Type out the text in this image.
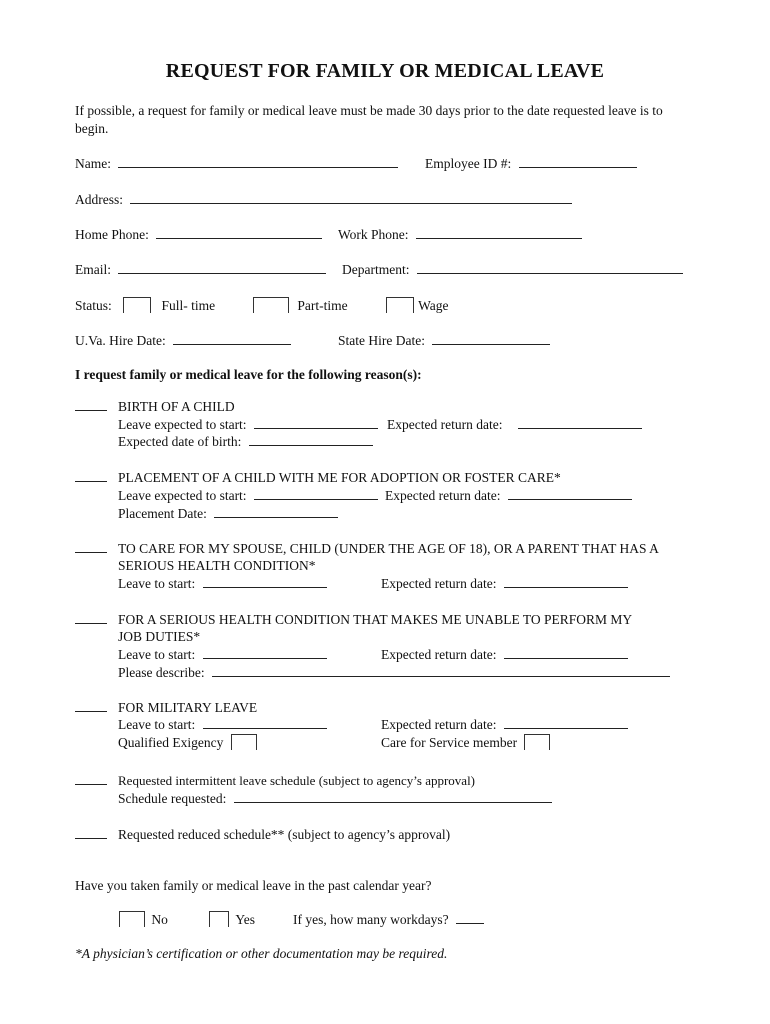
REQUEST FOR FAMILY OR MEDICAL LEAVE
If possible, a request for family or medical leave must be made 30 days prior to the date requested leave is to begin.
Name:	Employee ID #:
Address:
Home Phone:	Work Phone:
Email:	Department:
Status:	Full- time	Part-time	Wage
U.Va. Hire Date:	State Hire Date:
I request family or medical leave for the following reason(s):
BIRTH OF A CHILD
Leave expected to start:	Expected return date:
Expected date of birth:
PLACEMENT OF A CHILD WITH ME FOR ADOPTION OR FOSTER CARE*
Leave expected to start:	Expected return date:
Placement Date:
TO CARE FOR MY SPOUSE, CHILD (UNDER THE AGE OF 18), OR A PARENT THAT HAS A
SERIOUS HEALTH CONDITION*
Leave to start:	Expected return date:
FOR A SERIOUS HEALTH CONDITION THAT MAKES ME UNABLE TO PERFORM MY
JOB DUTIES*
Leave to start:	Expected return date:
Please describe:
FOR MILITARY LEAVE
Leave to start:	Expected return date:
Qualified Exigency	Care for Service member
Requested intermittent leave schedule (subject to agency’s approval)
Schedule requested:
Requested reduced schedule** (subject to agency’s approval)
Have you taken family or medical leave in the past calendar year?
No	Yes	If yes, how many workdays?
*A physician’s certification or other documentation may be required.
